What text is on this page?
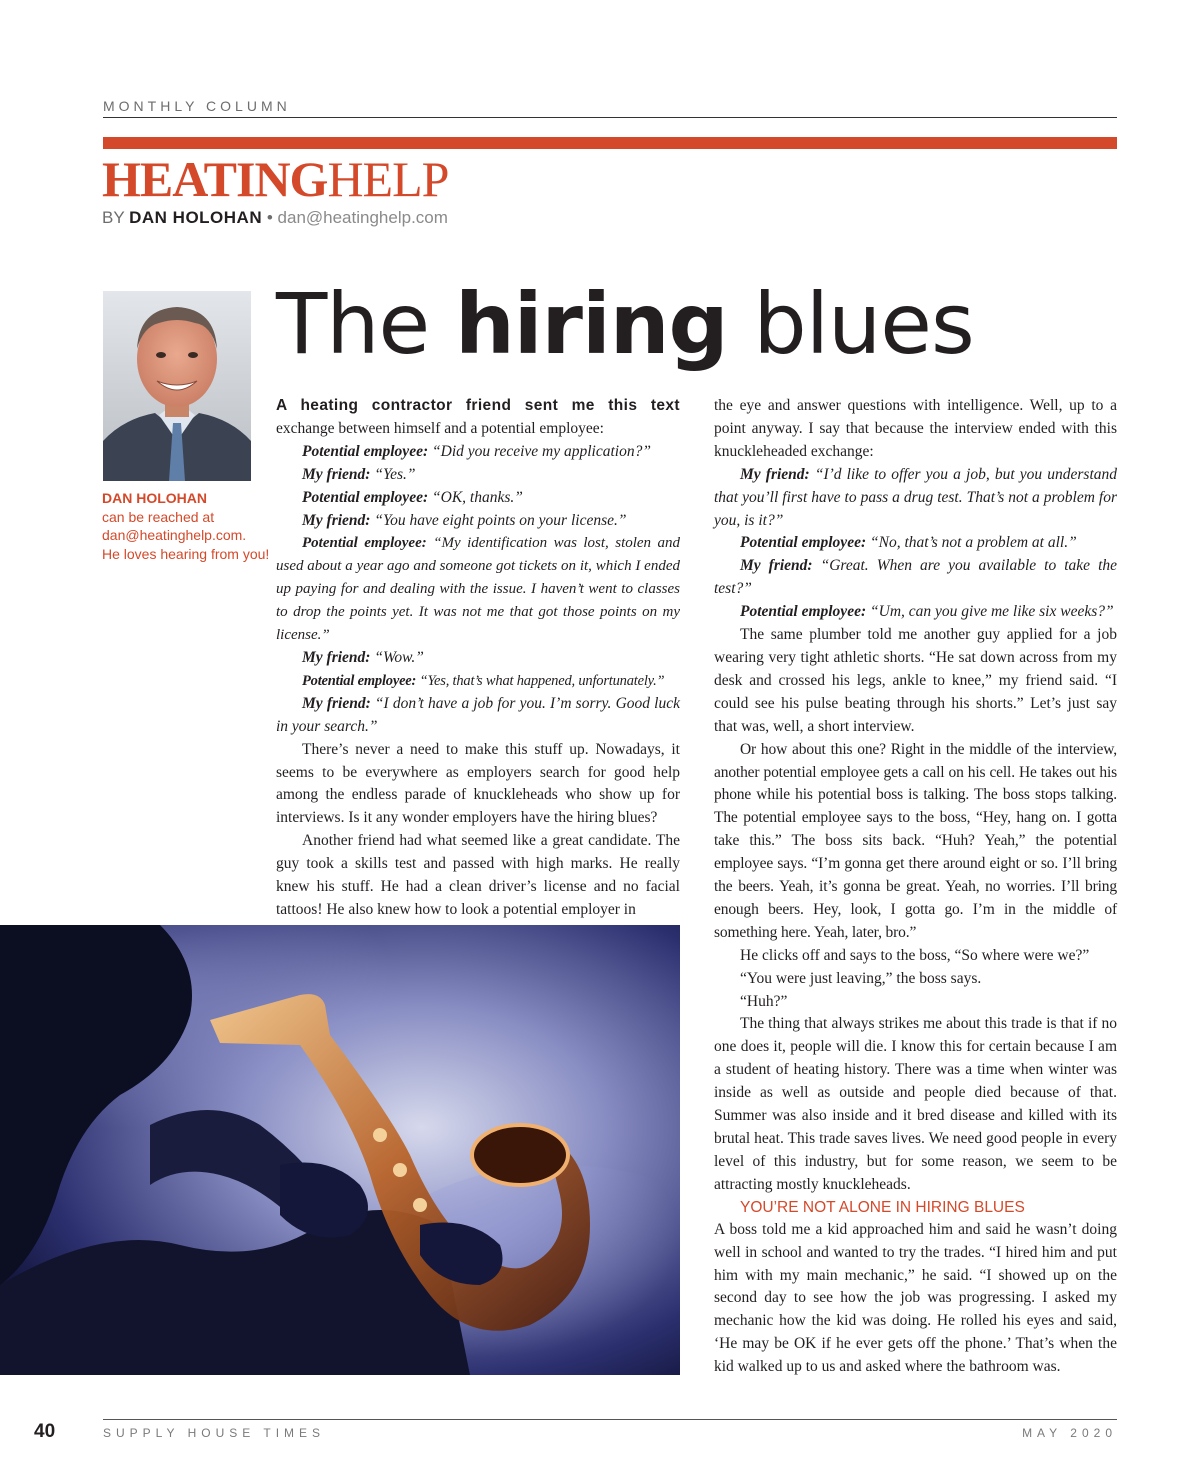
MONTHLY COLUMN
HEATINGHELP
BY DAN HOLOHAN • dan@heatinghelp.com
DAN HOLOHAN
can be reached at
dan@heatinghelp.com.
He loves hearing from you!
The hiring blues

A heating contractor friend sent me this text exchange between himself and a potential employee:

Potential employee: “Did you receive my application?”

My friend: “Yes.”

Potential employee: “OK, thanks.”

My friend: “You have eight points on your license.”

Potential employee: “My identification was lost, stolen and used about a year ago and someone got tickets on it, which I ended up paying for and dealing with the issue. I haven’t went to classes to drop the points yet. It was not me that got those points on my license.”

My friend: “Wow.”

Potential employee: “Yes, that’s what happened, unfortunately.”

My friend: “I don’t have a job for you. I’m sorry. Good luck in your search.”

There’s never a need to make this stuff up. Nowadays, it seems to be everywhere as employers search for good help among the endless parade of knuckleheads who show up for interviews. Is it any wonder employers have the hiring blues?

Another friend had what seemed like a great candidate. The guy took a skills test and passed with high marks. He really knew his stuff. He had a clean driver’s license and no facial tattoos! He also knew how to look a potential employer in

the eye and answer questions with intelligence. Well, up to a point anyway. I say that because the interview ended with this knuckleheaded exchange:

My friend: “I’d like to offer you a job, but you understand that you’ll first have to pass a drug test. That’s not a problem for you, is it?”

Potential employee: “No, that’s not a problem at all.”

My friend: “Great. When are you available to take the test?”

Potential employee: “Um, can you give me like six weeks?”

The same plumber told me another guy applied for a job wearing very tight athletic shorts. “He sat down across from my desk and crossed his legs, ankle to knee,” my friend said. “I could see his pulse beating through his shorts.” Let’s just say that was, well, a short interview.

Or how about this one? Right in the middle of the interview, another potential employee gets a call on his cell. He takes out his phone while his potential boss is talking. The boss stops talking. The potential employee says to the boss, “Hey, hang on. I gotta take this.” The boss sits back. “Huh? Yeah,” the potential employee says. “I’m gonna get there around eight or so. I’ll bring the beers. Yeah, it’s gonna be great. Yeah, no worries. I’ll bring enough beers. Hey, look, I gotta go. I’m in the middle of something here. Yeah, later, bro.”

He clicks off and says to the boss, “So where were we?”

“You were just leaving,” the boss says.

“Huh?”

The thing that always strikes me about this trade is that if no one does it, people will die. I know this for certain because I am a student of heating history. There was a time when winter was inside as well as outside and people died because of that. Summer was also inside and it bred disease and killed with its brutal heat. This trade saves lives. We need good people in every level of this industry, but for some reason, we seem to be attracting mostly knuckleheads.

YOU’RE NOT ALONE IN HIRING BLUES

A boss told me a kid approached him and said he wasn’t doing well in school and wanted to try the trades. “I hired him and put him with my main mechanic,” he said. “I showed up on the second day to see how the job was progressing. I asked my mechanic how the kid was doing. He rolled his eyes and said, ‘He may be OK if he ever gets off the phone.’ That’s when the kid walked up to us and asked where the bathroom was.

40	SUPPLY HOUSE TIMES	MAY 2020
